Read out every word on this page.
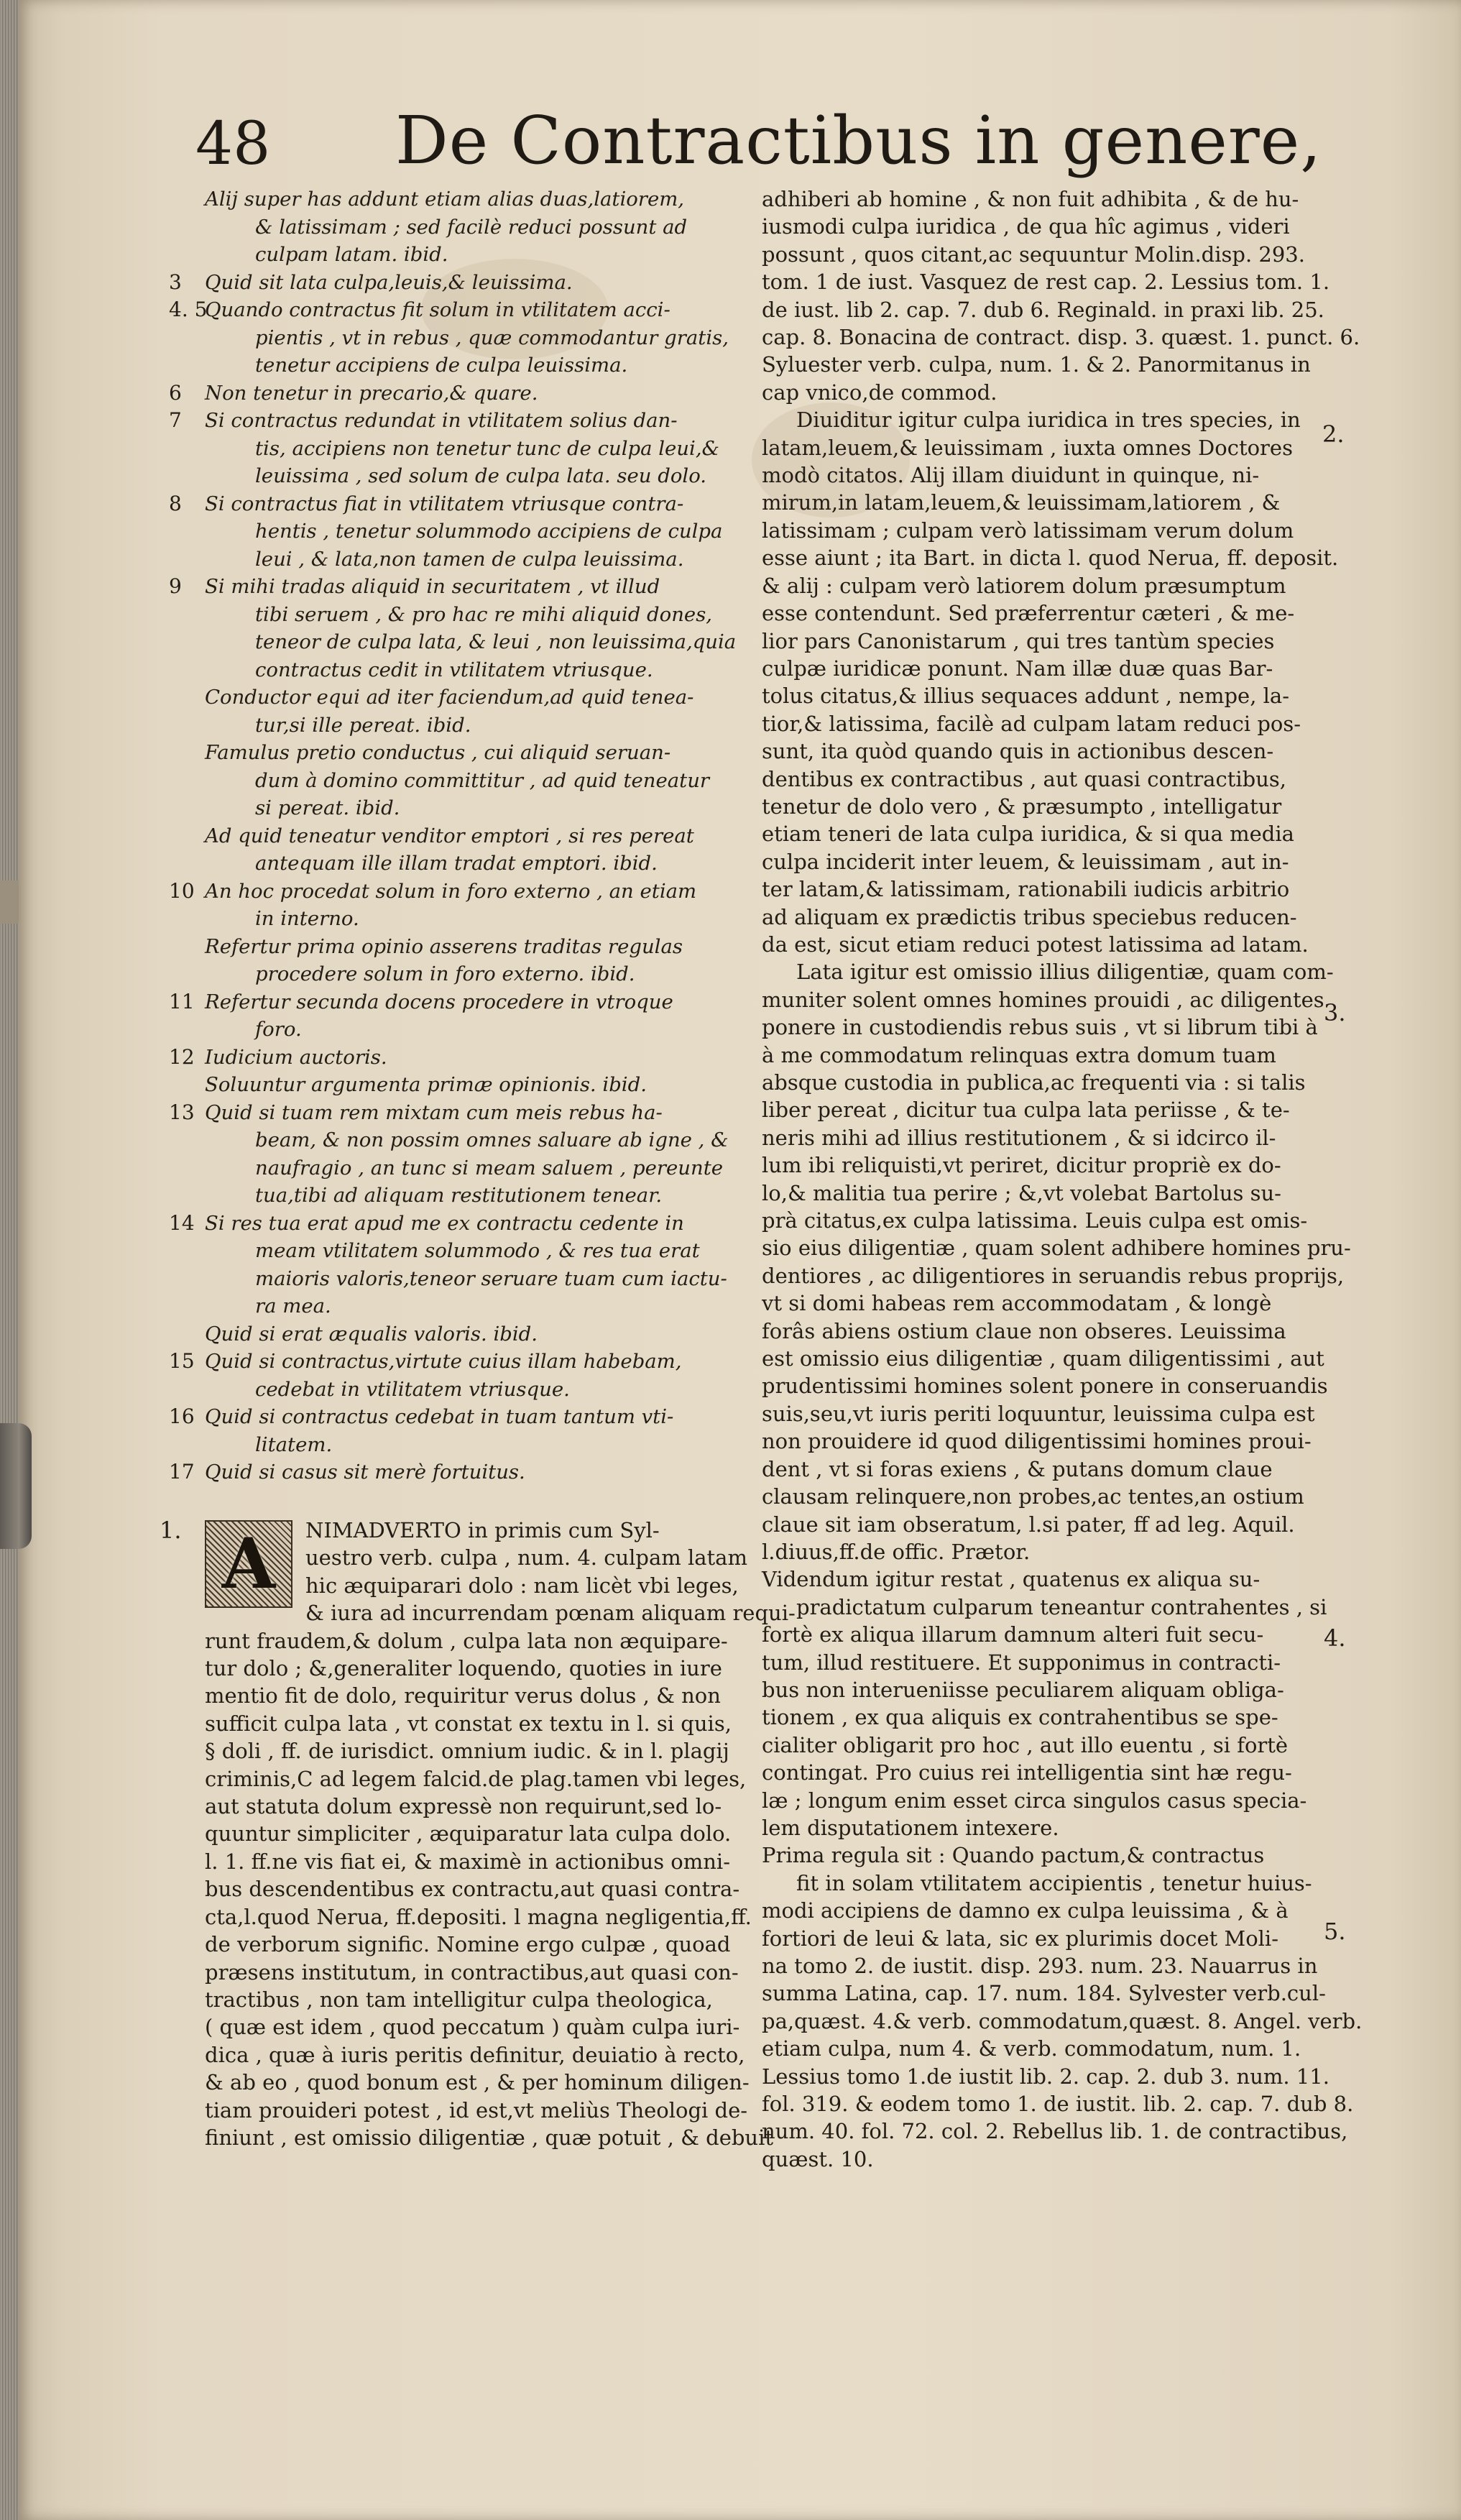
48 De Contractibus in genere,
Alij super has addunt etiam alias duas,latiorem,
& latissimam ; sed facilè reduci possunt ad
culpam latam. ibid.
3 Quid sit lata culpa,leuis,& leuissima.
4. 5
Quando contractus fit solum in vtilitatem acci-
pientis , vt in rebus , quæ commodantur gratis,
tenetur accipiens de culpa leuissima.
6 Non tenetur in precario,& quare.
7 Si contractus redundat in vtilitatem solius dan-
tis, accipiens non tenetur tunc de culpa leui,&
leuissima , sed solum de culpa lata. seu dolo.
8 Si contractus fiat in vtilitatem vtriusque contra-
hentis , tenetur solummodo accipiens de culpa
leui , & lata,non tamen de culpa leuissima.
9 Si mihi tradas aliquid in securitatem , vt illud
tibi seruem , & pro hac re mihi aliquid dones,
teneor de culpa lata, & leui , non leuissima,quia
contractus cedit in vtilitatem vtriusque.
Conductor equi ad iter faciendum,ad quid tenea-
tur,si ille pereat. ibid.
Famulus pretio conductus , cui aliquid seruan-
dum à domino committitur , ad quid teneatur
si pereat. ibid.
Ad quid teneatur venditor emptori , si res pereat
antequam ille illam tradat emptori. ibid.
10 An hoc procedat solum in foro externo , an etiam
in interno.
Refertur prima opinio asserens traditas regulas
procedere solum in foro externo. ibid.
11 Refertur secunda docens procedere in vtroque
foro.
12 Iudicium auctoris.
Soluuntur argumenta primæ opinionis. ibid.
13 Quid si tuam rem mixtam cum meis rebus ha-
beam, & non possim omnes saluare ab igne , &
naufragio , an tunc si meam saluem , pereunte
tua,tibi ad aliquam restitutionem tenear.
14 Si res tua erat apud me ex contractu cedente in
meam vtilitatem solummodo , & res tua erat
maioris valoris,teneor seruare tuam cum iactu-
ra mea.
Quid si erat æqualis valoris. ibid.
15 Quid si contractus,virtute cuius illam habebam,
cedebat in vtilitatem vtriusque.
16 Quid si contractus cedebat in tuam tantum vti-
litatem.
17 Quid si casus sit merè fortuitus.
A
1.	NIMADVERTO in primis cum Syl-
uestro verb. culpa , num. 4. culpam latam
hic æquiparari dolo : nam licèt vbi leges,
& iura ad incurrendam pœnam aliquam requi-
runt fraudem,& dolum , culpa lata non æquipare-
tur dolo ; &,generaliter loquendo, quoties in iure
mentio fit de dolo, requiritur verus dolus , & non
sufficit culpa lata , vt constat ex textu in l. si quis,
§ doli , ff. de iurisdict. omnium iudic. & in l. plagij
criminis,C ad legem falcid.de plag.tamen vbi leges,
aut statuta dolum expressè non requirunt,sed lo-
quuntur simpliciter , æquiparatur lata culpa dolo.
l. 1. ff.ne vis fiat ei, & maximè in actionibus omni-
bus descendentibus ex contractu,aut quasi contra-
cta,l.quod Nerua, ff.depositi. l magna negligentia,ff.
de verborum signific. Nomine ergo culpæ , quoad
præsens institutum, in contractibus,aut quasi con-
tractibus , non tam intelligitur culpa theologica,
( quæ est idem , quod peccatum ) quàm culpa iuri-
dica , quæ à iuris peritis definitur, deuiatio à recto,
& ab eo , quod bonum est , & per hominum diligen-
tiam prouideri potest , id est,vt meliùs Theologi de-
finiunt , est omissio diligentiæ , quæ potuit , & debuit
adhiberi ab homine , & non fuit adhibita , & de hu-
iusmodi culpa iuridica , de qua hîc agimus , videri
possunt , quos citant,ac sequuntur Molin.disp. 293.
tom. 1 de iust. Vasquez de rest cap. 2. Lessius tom. 1.
de iust. lib 2. cap. 7. dub 6. Reginald. in praxi lib. 25.
cap. 8. Bonacina de contract. disp. 3. quæst. 1. punct. 6.
Syluester verb. culpa, num. 1. & 2. Panormitanus in
cap vnico,de commod.
Diuiditur igitur culpa iuridica in tres species, in
latam,leuem,& leuissimam , iuxta omnes Doctores
modò citatos. Alij illam diuidunt in quinque, ni-
mirum,in latam,leuem,& leuissimam,latiorem , &
latissimam ; culpam verò latissimam verum dolum
esse aiunt ; ita Bart. in dicta l. quod Nerua, ff. deposit.
& alij : culpam verò latiorem dolum præsumptum
esse contendunt. Sed præferrentur cæteri , & me-
lior pars Canonistarum , qui tres tantùm species
culpæ iuridicæ ponunt. Nam illæ duæ quas Bar-
tolus citatus,& illius sequaces addunt , nempe, la-
tior,& latissima, facilè ad culpam latam reduci pos-
sunt, ita quòd quando quis in actionibus descen-
dentibus ex contractibus , aut quasi contractibus,
tenetur de dolo vero , & præsumpto , intelligatur
etiam teneri de lata culpa iuridica, & si qua media
culpa inciderit inter leuem, & leuissimam , aut in-
ter latam,& latissimam, rationabili iudicis arbitrio
ad aliquam ex prædictis tribus speciebus reducen-
da est, sicut etiam reduci potest latissima ad latam.
Lata igitur est omissio illius diligentiæ, quam com-
muniter solent omnes homines prouidi , ac diligentes
ponere in custodiendis rebus suis , vt si librum tibi à
à me commodatum relinquas extra domum tuam
absque custodia in publica,ac frequenti via : si talis
liber pereat , dicitur tua culpa lata periisse , & te-
neris mihi ad illius restitutionem , & si idcirco il-
lum ibi reliquisti,vt periret, dicitur propriè ex do-
lo,& malitia tua perire ; &,vt volebat Bartolus su-
prà citatus,ex culpa latissima. Leuis culpa est omis-
sio eius diligentiæ , quam solent adhibere homines pru-
dentiores , ac diligentiores in seruandis rebus proprijs,
vt si domi habeas rem accommodatam , & longè
forâs abiens ostium claue non obseres. Leuissima
est omissio eius diligentiæ , quam diligentissimi , aut
prudentissimi homines solent ponere in conseruandis
suis,seu,vt iuris periti loquuntur, leuissima culpa est
non prouidere id quod diligentissimi homines proui-
dent , vt si foras exiens , & putans domum claue
clausam relinquere,non probes,ac tentes,an ostium
claue sit iam obseratum, l.si pater, ff ad leg. Aquil.
l.diuus,ff.de offic. Prætor.
Videndum igitur restat , quatenus ex aliqua su-
pradictatum culparum teneantur contrahentes , si
fortè ex aliqua illarum damnum alteri fuit secu-
tum, illud restituere. Et supponimus in contracti-
bus non interueniisse peculiarem aliquam obliga-
tionem , ex qua aliquis ex contrahentibus se spe-
cialiter obligarit pro hoc , aut illo euentu , si fortè
contingat. Pro cuius rei intelligentia sint hæ regu-
læ ; longum enim esset circa singulos casus specia-
lem disputationem intexere.
Prima regula sit : Quando pactum,& contractus
fit in solam vtilitatem accipientis , tenetur huius-
modi accipiens de damno ex culpa leuissima , & à
fortiori de leui & lata, sic ex plurimis docet Moli-
na tomo 2. de iustit. disp. 293. num. 23. Nauarrus in
summa Latina, cap. 17. num. 184. Sylvester verb.cul-
pa,quæst. 4.& verb. commodatum,quæst. 8. Angel. verb.
etiam culpa, num 4. & verb. commodatum, num. 1.
Lessius tomo 1.de iustit lib. 2. cap. 2. dub 3. num. 11.
fol. 319. & eodem tomo 1. de iustit. lib. 2. cap. 7. dub 8.
num. 40. fol. 72. col. 2. Rebellus lib. 1. de contractibus,
quæst. 10.
2.
3.
4.
5.
